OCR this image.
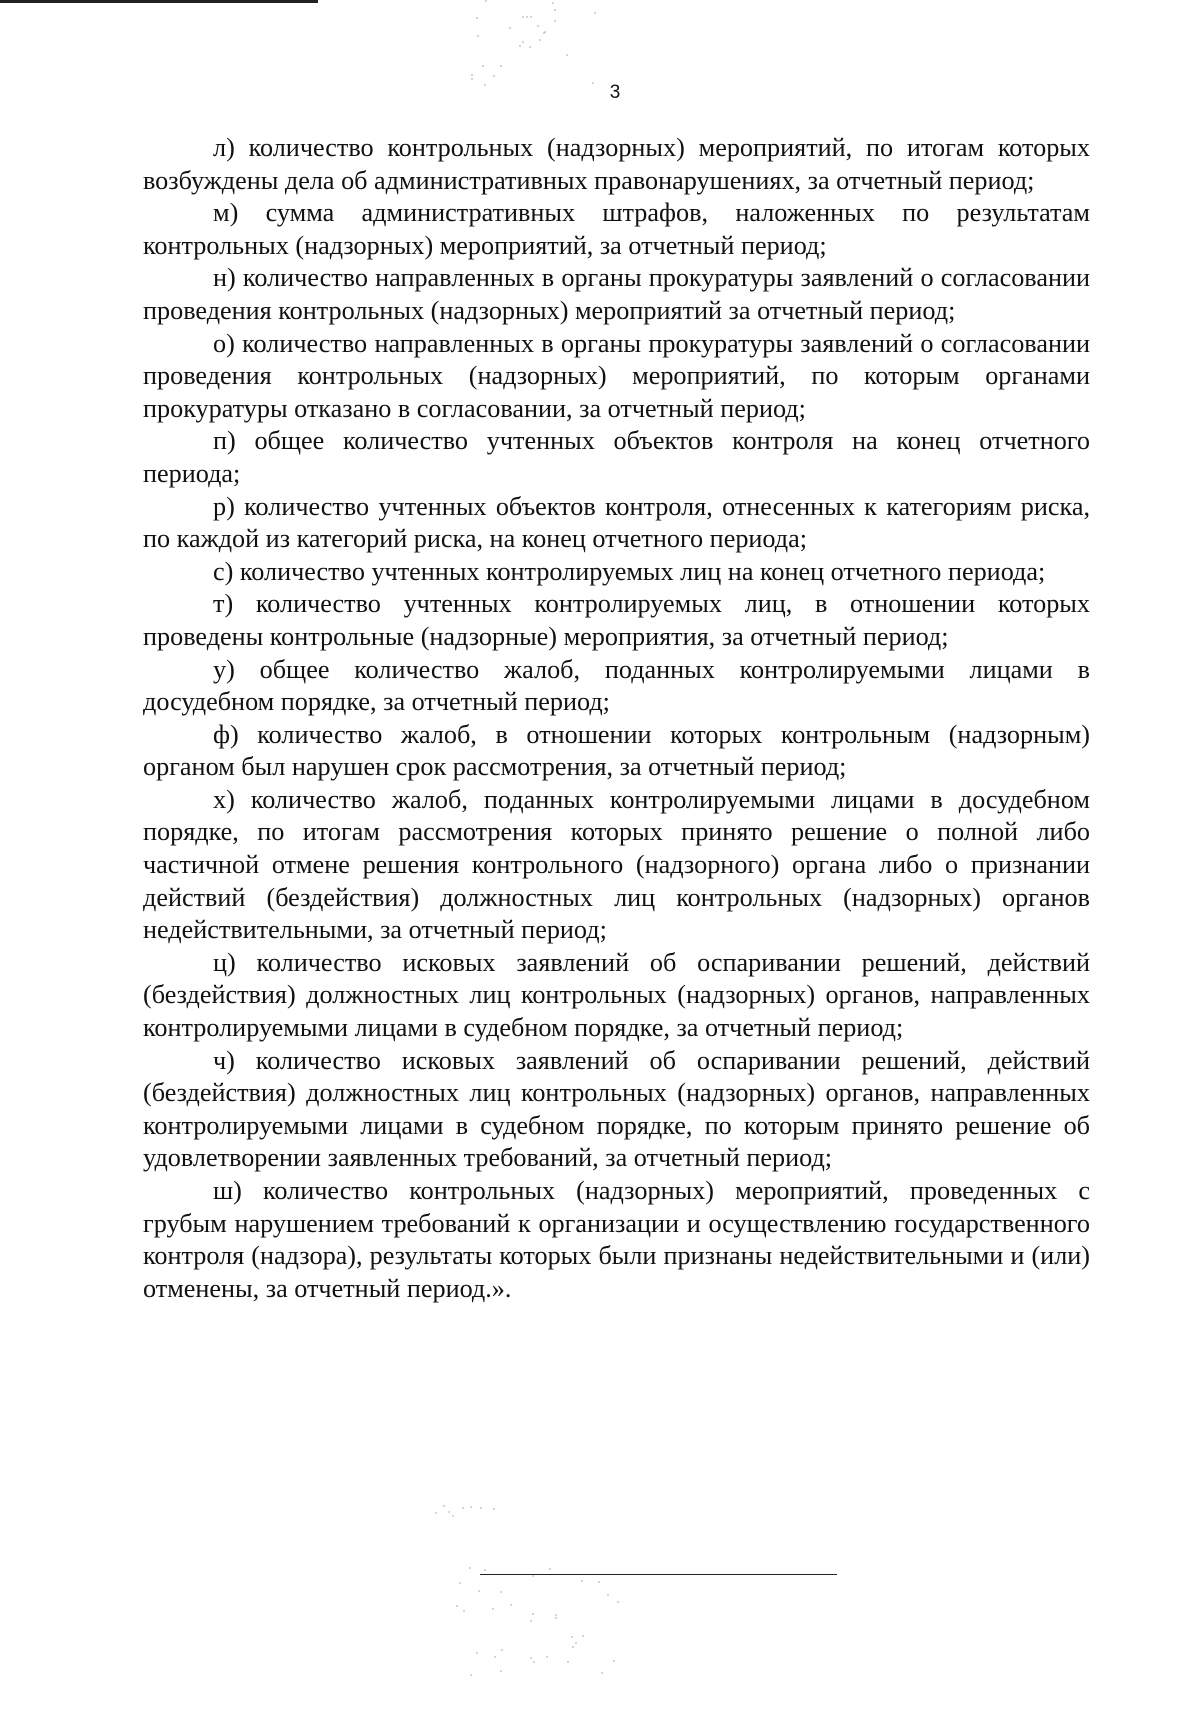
3

л) количество контрольных (надзорных) мероприятий, по итогам которых возбуждены дела об административных правонарушениях, за отчетный период;

м) сумма административных штрафов, наложенных по результатам контрольных (надзорных) мероприятий, за отчетный период;

н) количество направленных в органы прокуратуры заявлений о согласовании проведения контрольных (надзорных) мероприятий за отчетный период;

о) количество направленных в органы прокуратуры заявлений о согласовании проведения контрольных (надзорных) мероприятий, по которым органами прокуратуры отказано в согласовании, за отчетный период;

п) общее количество учтенных объектов контроля на конец отчетного периода;

р) количество учтенных объектов контроля, отнесенных к категориям риска, по каждой из категорий риска, на конец отчетного периода;

с) количество учтенных контролируемых лиц на конец отчетного периода;

т) количество учтенных контролируемых лиц, в отношении которых проведены контрольные (надзорные) мероприятия, за отчетный период;

у) общее количество жалоб, поданных контролируемыми лицами в досудебном порядке, за отчетный период;

ф) количество жалоб, в отношении которых контрольным (надзорным) органом был нарушен срок рассмотрения, за отчетный период;

х) количество жалоб, поданных контролируемыми лицами в досудебном порядке, по итогам рассмотрения которых принято решение о полной либо частичной отмене решения контрольного (надзорного) органа либо о признании действий (бездействия) должностных лиц контрольных (надзорных) органов недействительными, за отчетный период;

ц) количество исковых заявлений об оспаривании решений, действий (бездействия) должностных лиц контрольных (надзорных) органов, направленных контролируемыми лицами в судебном порядке, за отчетный период;

ч) количество исковых заявлений об оспаривании решений, действий (бездействия) должностных лиц контрольных (надзорных) органов, направленных контролируемыми лицами в судебном порядке, по которым принято решение об удовлетворении заявленных требований, за отчетный период;

ш) количество контрольных (надзорных) мероприятий, проведенных с грубым нарушением требований к организации и осуществлению государственного контроля (надзора), результаты которых были признаны недействительными и (или) отменены, за отчетный период.».
